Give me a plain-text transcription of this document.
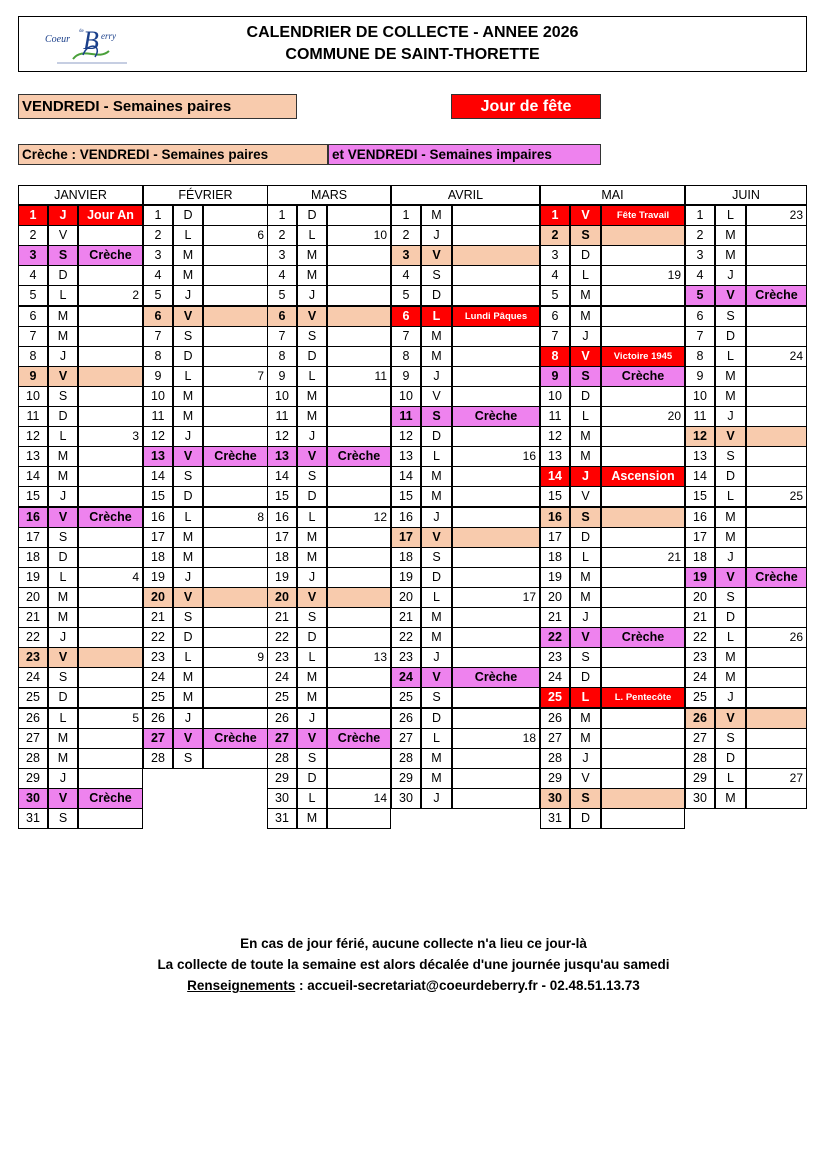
Coeur
de B erry	CALENDRIER DE COLLECTE - ANNEE 2026
COMMUNE DE SAINT-THORETTE
VENDREDI - Semaines paires	Jour de fête
Crèche : VENDREDI - Semaines paires	et VENDREDI - Semaines impaires
JANVIER
1	J	Jour An
2	V
3	S	Crèche
4	D
5	L	2
6	M
7	M
8	J
9	V
10	S
11	D
12	L	3
13	M
14	M
15	J
16	V	Crèche
17	S
18	D
19	L	4
20	M
21	M
22	J
23	V
24	S
25	D
26	L	5
27	M
28	M
29	J
30	V	Crèche
31	S
FÉVRIER
1	D
2	L	6
3	M
4	M
5	J
6	V
7	S
8	D
9	L	7
10	M
11	M
12	J
13	V	Crèche
14	S
15	D
16	L	8
17	M
18	M
19	J
20	V
21	S
22	D
23	L	9
24	M
25	M
26	J
27	V	Crèche
28	S
MARS
1	D
2	L	10
3	M
4	M
5	J
6	V
7	S
8	D
9	L	11
10	M
11	M
12	J
13	V	Crèche
14	S
15	D
16	L	12
17	M
18	M
19	J
20	V
21	S
22	D
23	L	13
24	M
25	M
26	J
27	V	Crèche
28	S
29	D
30	L	14
31	M
AVRIL
1	M
2	J
3	V
4	S
5	D
6	L	Lundi Pâques
7	M
8	M
9	J
10	V
11	S	Crèche
12	D
13	L	16
14	M
15	M
16	J
17	V
18	S
19	D
20	L	17
21	M
22	M
23	J
24	V	Crèche
25	S
26	D
27	L	18
28	M
29	M
30	J
MAI
1	V	Fête Travail
2	S
3	D
4	L	19
5	M
6	M
7	J
8	V	Victoire 1945
9	S	Crèche
10	D
11	L	20
12	M
13	M
14	J	Ascension
15	V
16	S
17	D
18	L	21
19	M
20	M
21	J
22	V	Crèche
23	S
24	D
25	L	L. Pentecôte
26	M
27	M
28	J
29	V
30	S
31	D
JUIN
1	L	23
2	M
3	M
4	J
5	V	Crèche
6	S
7	D
8	L	24
9	M
10	M
11	J
12	V
13	S
14	D
15	L	25
16	M
17	M
18	J
19	V	Crèche
20	S
21	D
22	L	26
23	M
24	M
25	J
26	V
27	S
28	D
29	L	27
30	M
En cas de jour férié, aucune collecte n'a lieu ce jour-là
La collecte de toute la semaine est alors décalée d'une journée jusqu'au samedi
Renseignements : accueil-secretariat@coeurdeberry.fr - 02.48.51.13.73
